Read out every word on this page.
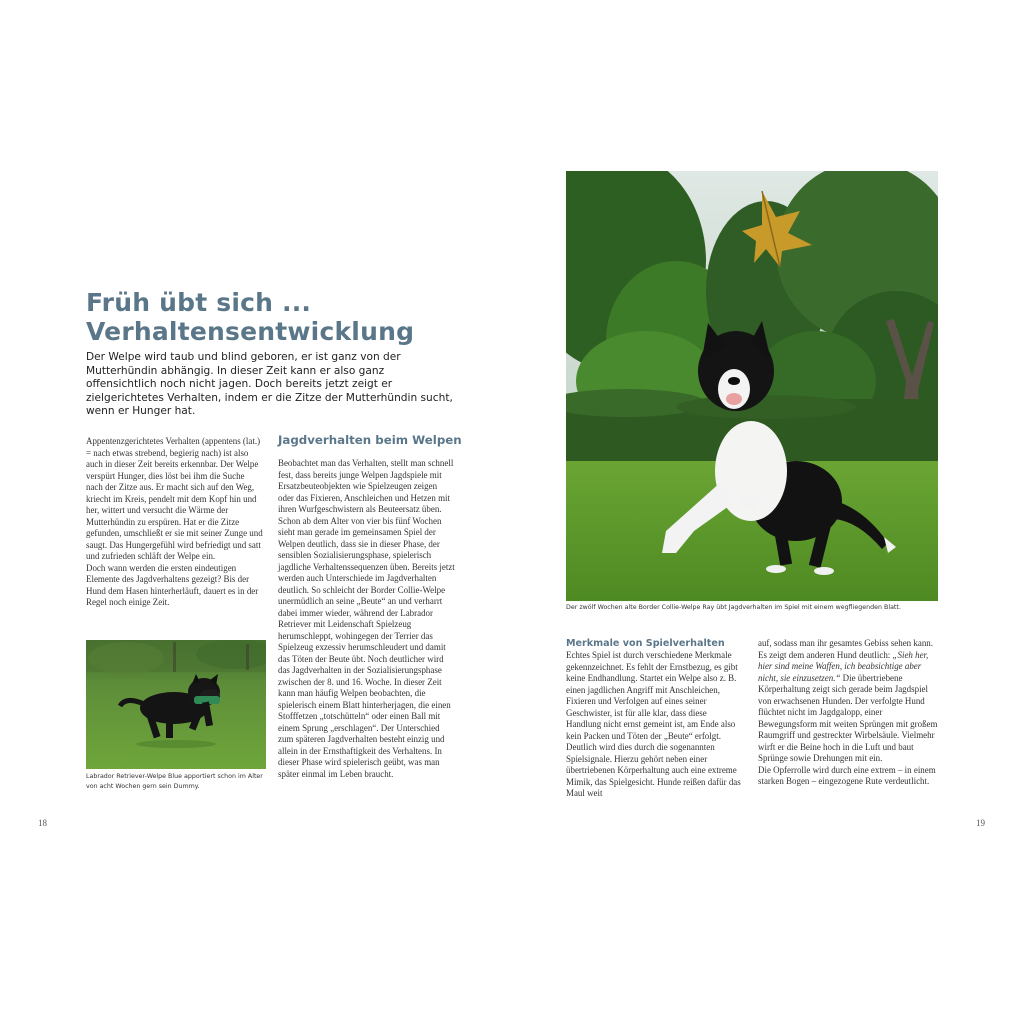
Früh übt sich ...
Verhaltensentwicklung

Der Welpe wird taub und blind geboren, er ist ganz von der Mutterhündin abhängig. In dieser Zeit kann er also ganz offensichtlich noch nicht jagen. Doch bereits jetzt zeigt er zielgerichtetes Verhalten, indem er die Zitze der Mutterhündin sucht, wenn er Hunger hat.

Appentenzgerichtetes Verhalten (appentens (lat.) = nach etwas strebend, begierig nach) ist also auch in dieser Zeit bereits erkennbar. Der Welpe verspürt Hunger, dies löst bei ihm die Suche nach der Zitze aus. Er macht sich auf den Weg, kriecht im Kreis, pendelt mit dem Kopf hin und her, wittert und versucht die Wärme der Mutterhündin zu erspüren. Hat er die Zitze gefunden, umschließt er sie mit seiner Zunge und saugt. Das Hungergefühl wird befriedigt und satt und zufrieden schläft der Welpe ein.
Doch wann werden die ersten eindeutigen Elemente des Jagdverhaltens gezeigt? Bis der Hund dem Hasen hinterherläuft, dauert es in der Regel noch einige Zeit.

Jagdverhalten beim Welpen

Beobachtet man das Verhalten, stellt man schnell fest, dass bereits junge Welpen Jagdspiele mit Ersatzbeuteobjekten wie Spielzeugen zeigen oder das Fixieren, Anschleichen und Hetzen mit ihren Wurfgeschwistern als Beuteersatz üben. Schon ab dem Alter von vier bis fünf Wochen sieht man gerade im gemeinsamen Spiel der Welpen deutlich, dass sie in dieser Phase, der sensiblen Sozialisierungsphase, spielerisch jagdliche Verhaltenssequenzen üben. Bereits jetzt werden auch Unterschiede im Jagdverhalten deutlich. So schleicht der Border Collie-Welpe unermüdlich an seine „Beute“ an und verharrt dabei immer wieder, während der Labrador Retriever mit Leidenschaft Spielzeug herumschleppt, wohingegen der Terrier das Spielzeug exzessiv herumschleudert und damit das Töten der Beute übt. Noch deutlicher wird das Jagdverhalten in der Sozialisierungsphase zwischen der 8. und 16. Woche. In dieser Zeit kann man häufig Welpen beobachten, die spielerisch einem Blatt hinterherjagen, die einen Stofffetzen „totschütteln“ oder einen Ball mit einem Sprung „erschlagen“. Der Unterschied zum späteren Jagdverhalten besteht einzig und allein in der Ernsthaftigkeit des Verhaltens. In dieser Phase wird spielerisch geübt, was man später einmal im Leben braucht.

Labrador Retriever-Welpe Blue apportiert schon im Alter von acht Wochen gern sein Dummy.

18

Der zwölf Wochen alte Border Collie-Welpe Ray übt Jagdverhalten im Spiel mit einem wegfliegenden Blatt.

Merkmale von Spielverhalten

Echtes Spiel ist durch verschiedene Merkmale gekennzeichnet. Es fehlt der Ernstbezug, es gibt keine Endhandlung. Startet ein Welpe also z. B. einen jagdlichen Angriff mit Anschleichen, Fixieren und Verfolgen auf eines seiner Geschwister, ist für alle klar, dass diese Handlung nicht ernst gemeint ist, am Ende also kein Packen und Töten der „Beute“ erfolgt.
Deutlich wird dies durch die sogenannten Spielsignale. Hierzu gehört neben einer übertriebenen Körperhaltung auch eine extreme Mimik, das Spielgesicht. Hunde reißen dafür das Maul weit

auf, sodass man ihr gesamtes Gebiss sehen kann. Es zeigt dem anderen Hund deutlich: „Sieh her, hier sind meine Waffen, ich beabsichtige aber nicht, sie einzusetzen.“ Die übertriebene Körperhaltung zeigt sich gerade beim Jagdspiel von erwachsenen Hunden. Der verfolgte Hund flüchtet nicht im Jagdgalopp, einer Bewegungsform mit weiten Sprüngen mit großem Raumgriff und gestreckter Wirbelsäule. Vielmehr wirft er die Beine hoch in die Luft und baut Sprünge sowie Drehungen mit ein.
Die Opferrolle wird durch eine extrem – in einem starken Bogen – eingezogene Rute verdeutlicht.

19
